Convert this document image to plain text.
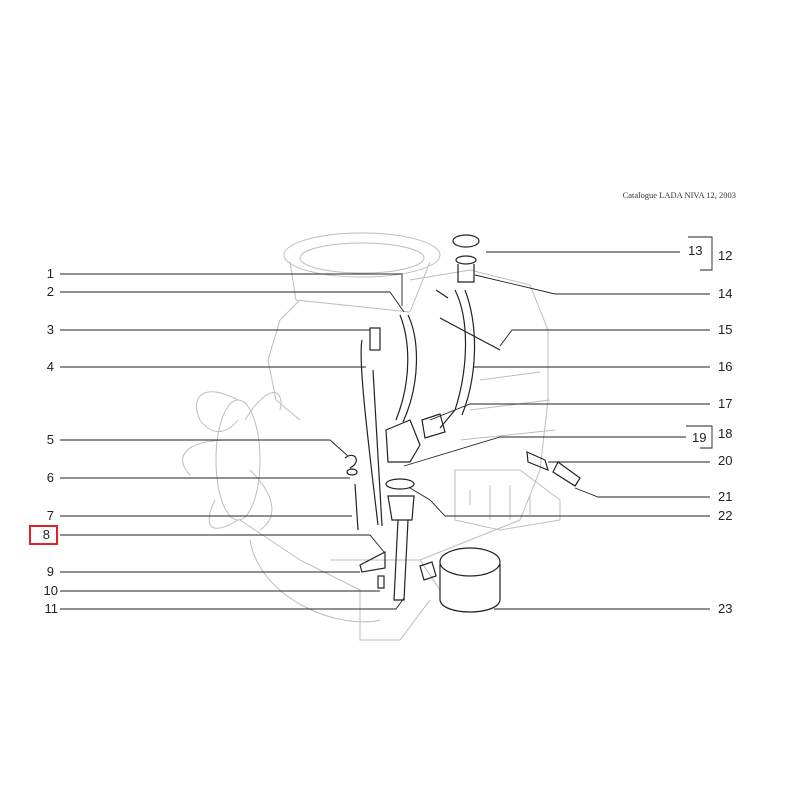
Catalogue LADA NIVA 12, 2003
1
2
3
4
5
6
7
8
9
10
11
13	12
14
15
16
17
18
19
20
21
22
23
